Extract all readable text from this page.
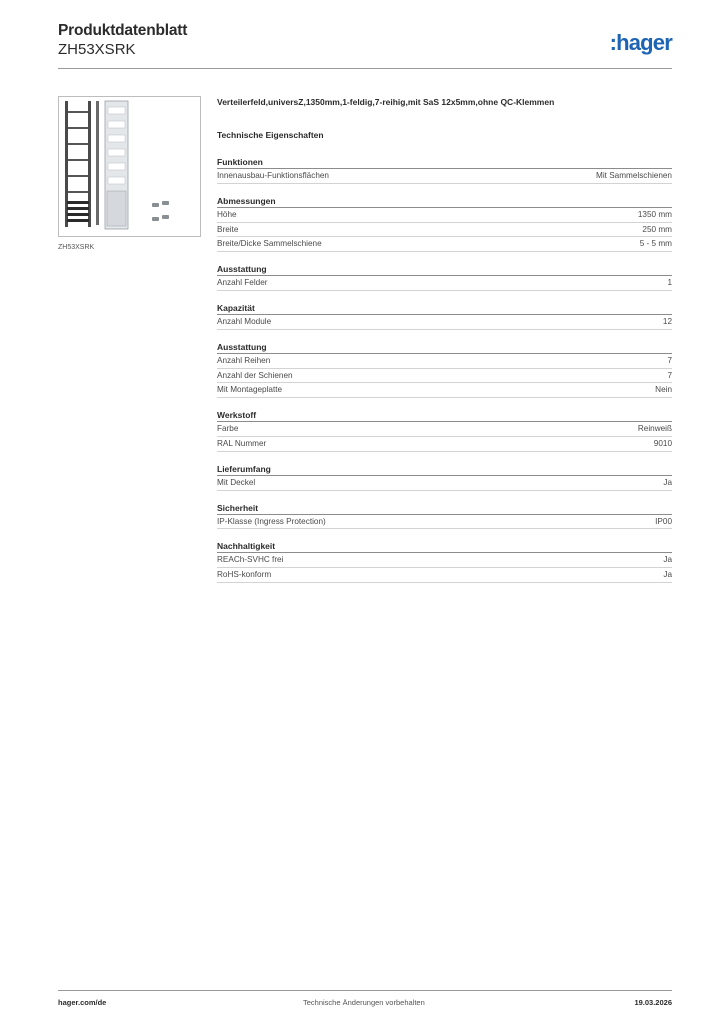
Produktdatenblatt
ZH53XSRK	:hager
ZH53XSRK
Verteilerfeld,universZ,1350mm,1-feldig,7-reihig,mit SaS 12x5mm,ohne QC-Klemmen
Technische Eigenschaften
Funktionen
Innenausbau-Funktionsflächen	Mit Sammelschienen
Abmessungen
Höhe	1350 mm
Breite	250 mm
Breite/Dicke Sammelschiene	5 - 5 mm
Ausstattung
Anzahl Felder	1
Kapazität
Anzahl Module	12
Ausstattung
Anzahl Reihen	7
Anzahl der Schienen	7
Mit Montageplatte	Nein
Werkstoff
Farbe	Reinweiß
RAL Nummer	9010
Lieferumfang
Mit Deckel	Ja
Sicherheit
IP-Klasse (Ingress Protection)	IP00
Nachhaltigkeit
REACh-SVHC frei	Ja
RoHS-konform	Ja
hager.com/de	Technische Änderungen vorbehalten	19.03.2026
